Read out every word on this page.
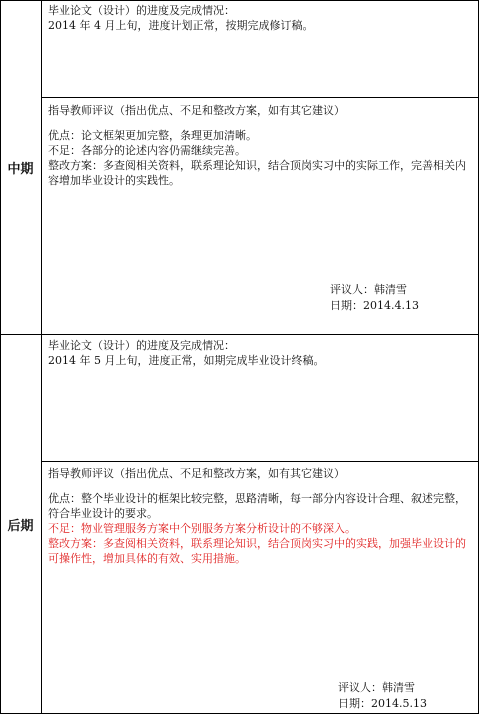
中期

毕业论文（设计）的进度及完成情况：

2014 年 4 月上旬，进度计划正常，按期完成修订稿。

指导教师评议（指出优点、不足和整改方案，如有其它建议）

优点：论文框架更加完整，条理更加清晰。

不足：各部分的论述内容仍需继续完善。

整改方案：多查阅相关资料，联系理论知识，结合顶岗实习中的实际工作，完善相关内容增加毕业设计的实践性。

评议人：韩清雪
日期：2014.4.13
后期

毕业论文（设计）的进度及完成情况：

2014 年 5 月上旬，进度正常，如期完成毕业设计终稿。

指导教师评议（指出优点、不足和整改方案，如有其它建议）

优点：整个毕业设计的框架比较完整，思路清晰，每一部分内容设计合理、叙述完整，符合毕业设计的要求。

不足：物业管理服务方案中个别服务方案分析设计的不够深入。

整改方案：多查阅相关资料，联系理论知识，结合顶岗实习中的实践，加强毕业设计的可操作性，增加具体的有效、实用措施。

评议人：韩清雪
日期：2014.5.13
